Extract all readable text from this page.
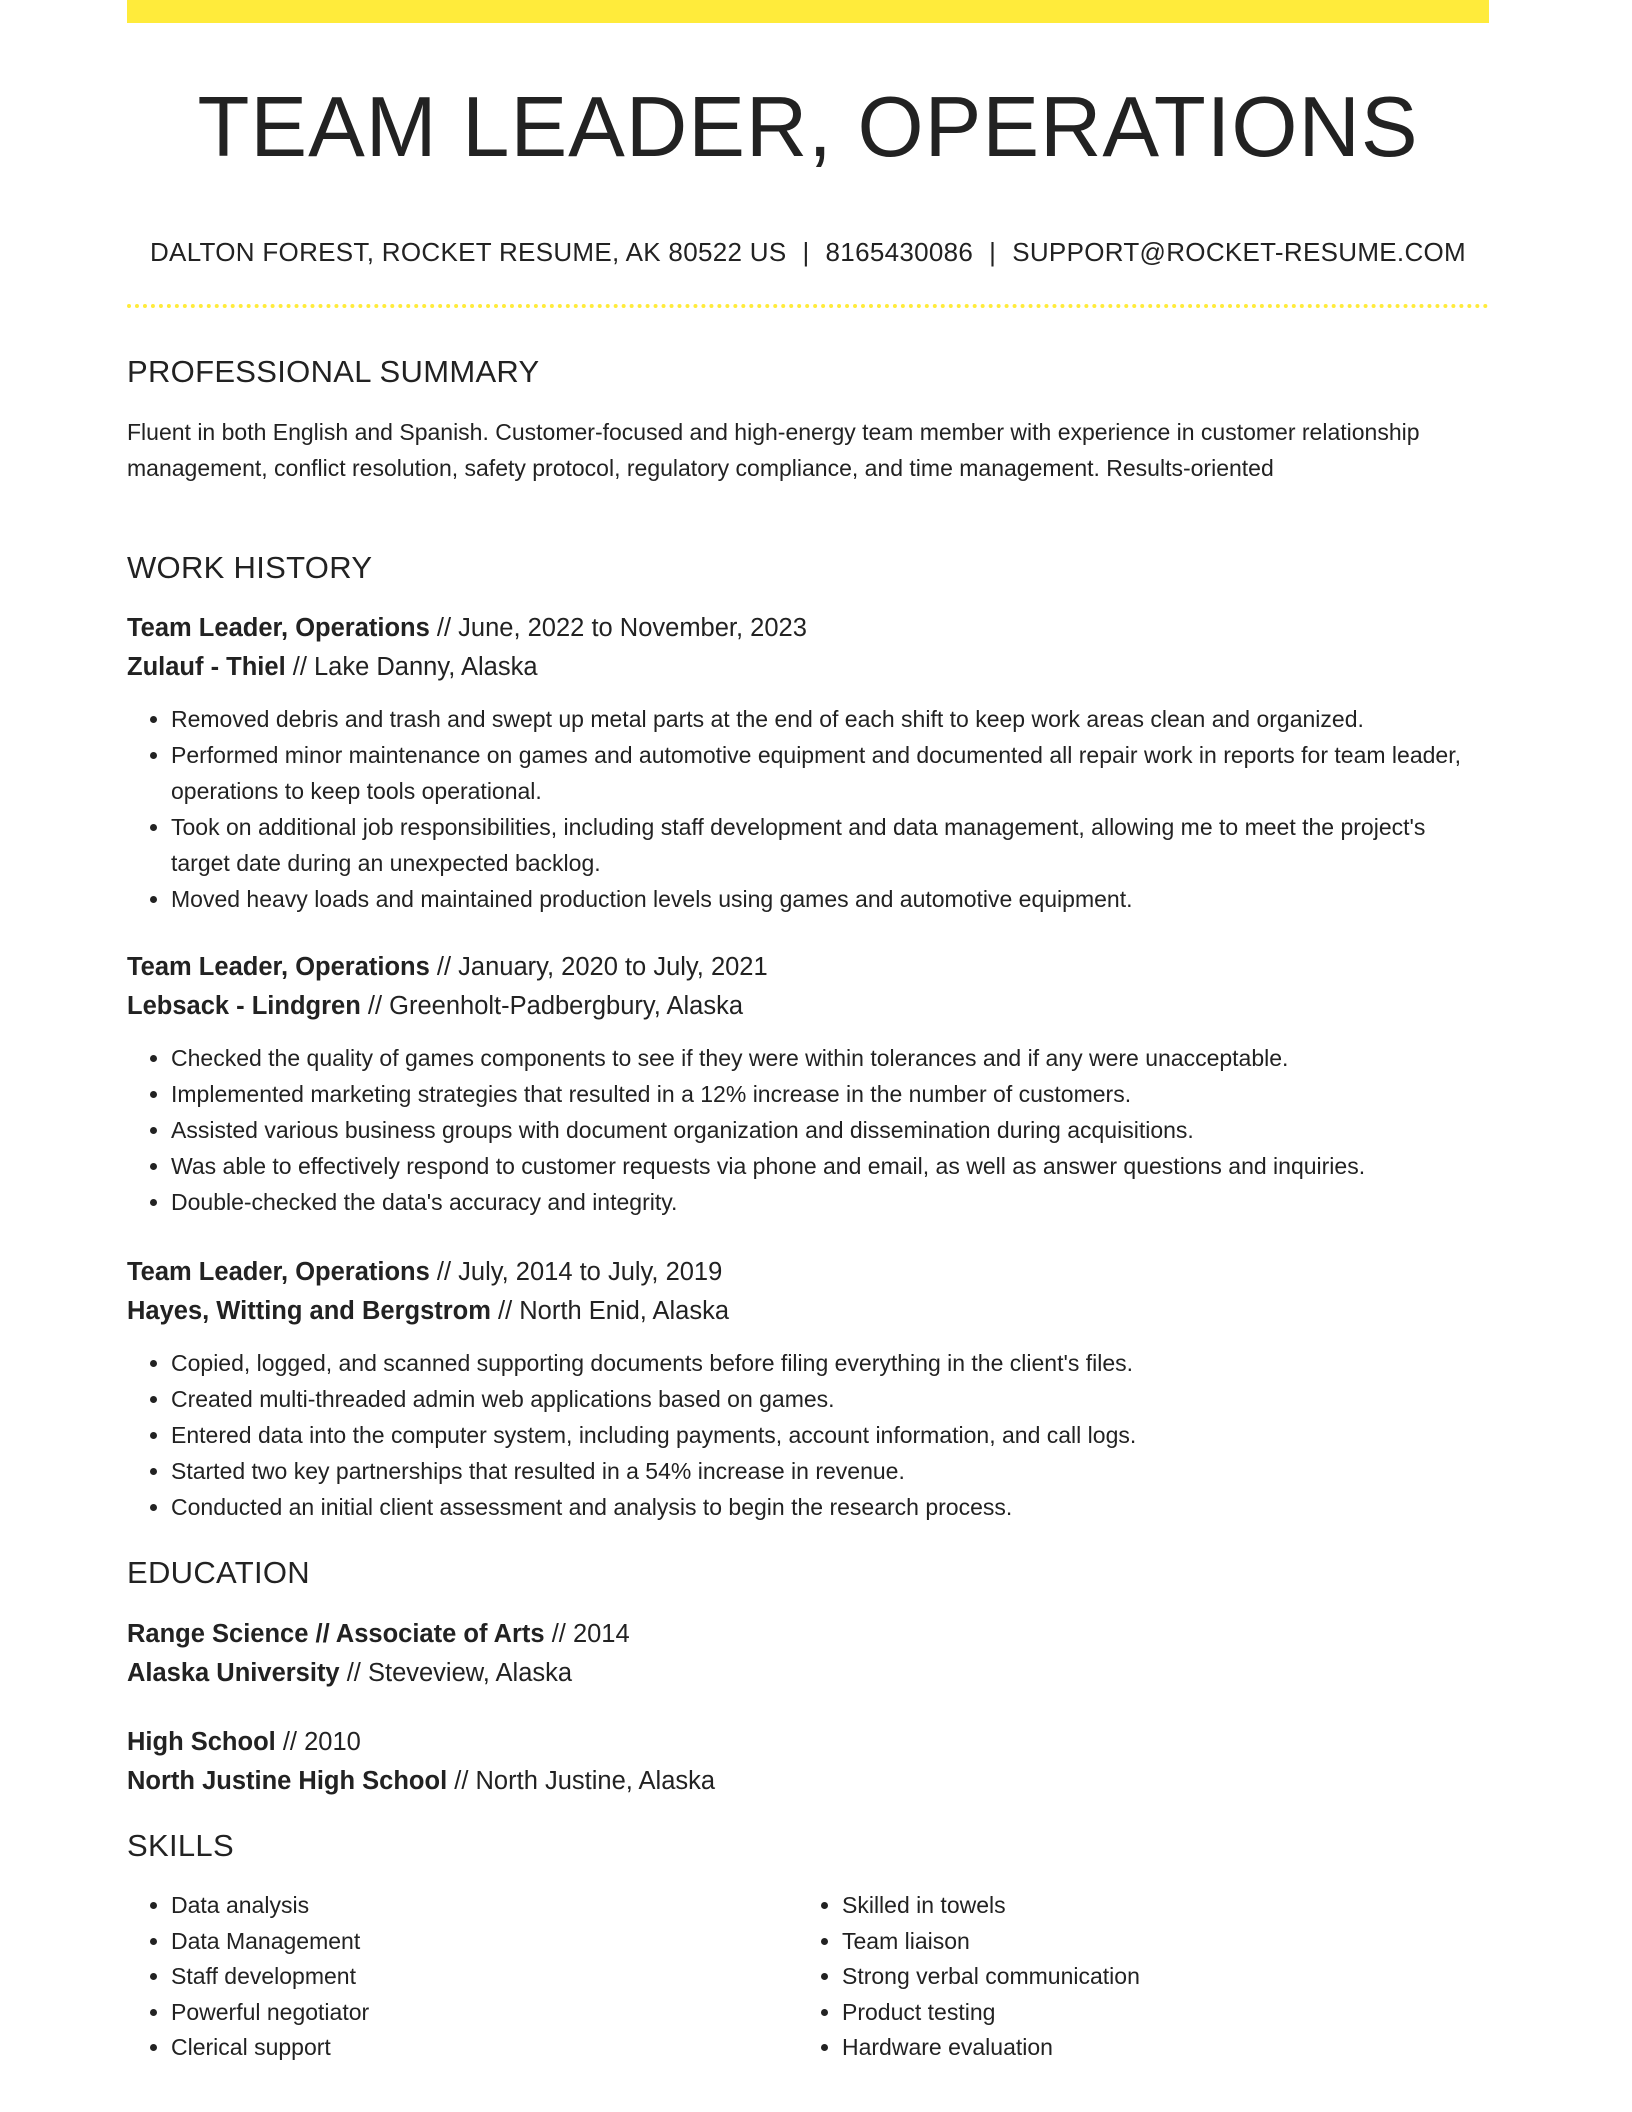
TEAM LEADER, OPERATIONS
DALTON FOREST, ROCKET RESUME, AK 80522 US | 8165430086 | SUPPORT@ROCKET-RESUME.COM
PROFESSIONAL SUMMARY
Fluent in both English and Spanish. Customer-focused and high-energy team member with experience in customer relationship management, conflict resolution, safety protocol, regulatory compliance, and time management. Results-oriented
WORK HISTORY
Team Leader, Operations // June, 2022 to November, 2023
Zulauf - Thiel // Lake Danny, Alaska
• Removed debris and trash and swept up metal parts at the end of each shift to keep work areas clean and organized.
• Performed minor maintenance on games and automotive equipment and documented all repair work in reports for team leader, operations to keep tools operational.
• Took on additional job responsibilities, including staff development and data management, allowing me to meet the project's target date during an unexpected backlog.
• Moved heavy loads and maintained production levels using games and automotive equipment.
Team Leader, Operations // January, 2020 to July, 2021
Lebsack - Lindgren // Greenholt-Padbergbury, Alaska
• Checked the quality of games components to see if they were within tolerances and if any were unacceptable.
• Implemented marketing strategies that resulted in a 12% increase in the number of customers.
• Assisted various business groups with document organization and dissemination during acquisitions.
• Was able to effectively respond to customer requests via phone and email, as well as answer questions and inquiries.
• Double-checked the data's accuracy and integrity.
Team Leader, Operations // July, 2014 to July, 2019
Hayes, Witting and Bergstrom // North Enid, Alaska
• Copied, logged, and scanned supporting documents before filing everything in the client's files.
• Created multi-threaded admin web applications based on games.
• Entered data into the computer system, including payments, account information, and call logs.
• Started two key partnerships that resulted in a 54% increase in revenue.
• Conducted an initial client assessment and analysis to begin the research process.
EDUCATION
Range Science // Associate of Arts // 2014
Alaska University // Steveview, Alaska
High School // 2010
North Justine High School // North Justine, Alaska
SKILLS
• Data analysis
• Data Management
• Staff development
• Powerful negotiator
• Clerical support
• Skilled in towels
• Team liaison
• Strong verbal communication
• Product testing
• Hardware evaluation
